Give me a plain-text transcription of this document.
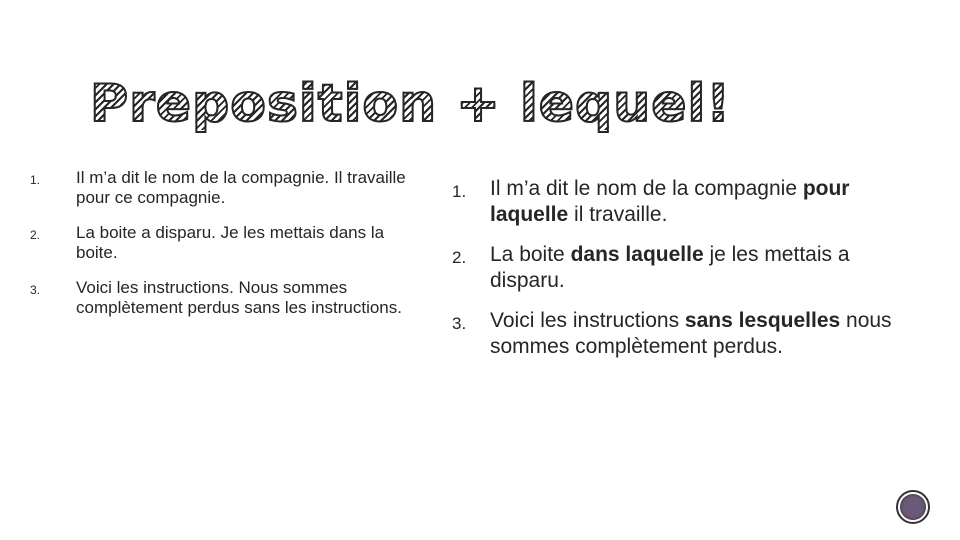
Preposition + lequel!
1. Il m’a dit le nom de la compagnie. Il travaille pour ce compagnie.
2. La boite a disparu. Je les mettais dans la boite.
3. Voici les instructions. Nous sommes complètement perdus sans les instructions.
1. Il m’a dit le nom de la compagnie pour laquelle il travaille.
2. La boite dans laquelle je les mettais a disparu.
3. Voici les instructions sans lesquelles nous sommes complètement perdus.
